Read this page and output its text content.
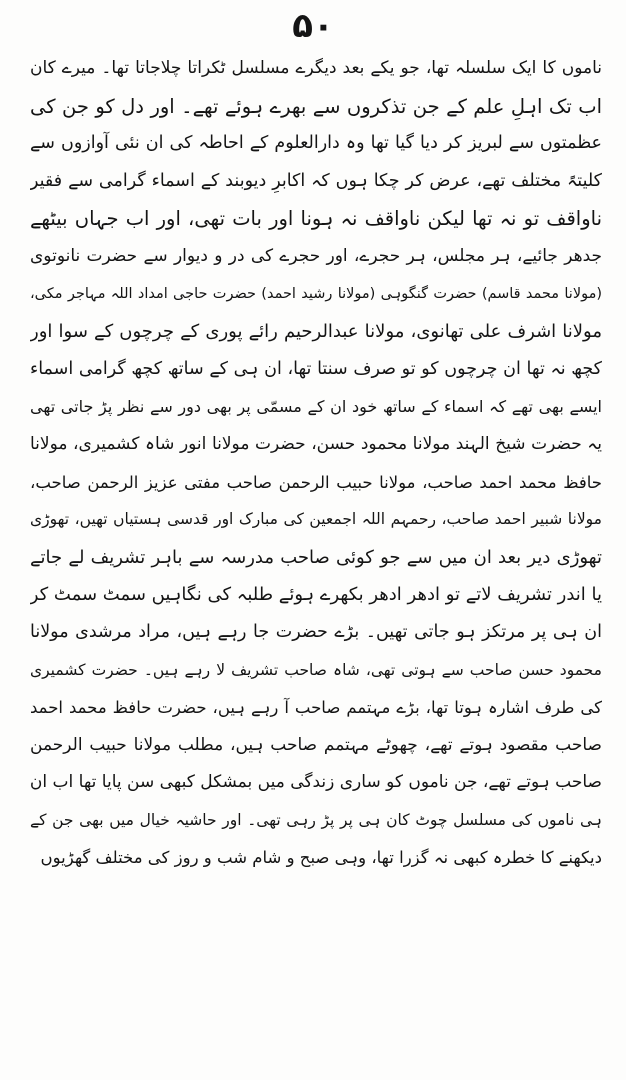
۵۰
ناموں کا ایک سلسلہ تھا، جو یکے بعد دیگرے مسلسل ٹکراتا چلاجاتا تھا۔ میرے کان
اب تک اہلِ علم کے جن تذکروں سے بھرے ہوئے تھے۔ اور دل کو جن کی
عظمتوں سے لبریز کر دیا گیا تھا وہ دارالعلوم کے احاطہ کی ان نئی آوازوں سے
کلیتہً مختلف تھے، عرض کر چکا ہوں کہ اکابرِ دیوبند کے اسماء گرامی سے فقیر
ناواقف تو نہ تھا لیکن ناواقف نہ ہونا اور بات تھی، اور اب جہاں بیٹھے
جدھر جائیے، ہر مجلس، ہر حجرے، اور حجرے کی در و دیوار سے حضرت نانوتوی
(مولانا محمد قاسم) حضرت گنگوہی (مولانا رشید احمد) حضرت حاجی امداد اللہ مہاجر مکی،
مولانا اشرف علی تھانوی، مولانا عبدالرحیم رائے پوری کے چرچوں کے سوا اور
کچھ نہ تھا ان چرچوں کو تو صرف سنتا تھا، ان ہی کے ساتھ کچھ گرامی اسماء
ایسے بھی تھے کہ اسماء کے ساتھ خود ان کے مسمّی پر بھی دور سے نظر پڑ جاتی تھی
یہ حضرت شیخ الہند مولانا محمود حسن، حضرت مولانا انور شاہ کشمیری، مولانا
حافظ محمد احمد صاحب، مولانا حبیب الرحمن صاحب مفتی عزیز الرحمن صاحب،
مولانا شبیر احمد صاحب، رحمہم اللہ اجمعین کی مبارک اور قدسی ہستیاں تھیں، تھوڑی
تھوڑی دیر بعد ان میں سے جو کوئی صاحب مدرسہ سے باہر تشریف لے جاتے
یا اندر تشریف لاتے تو ادھر ادھر بکھرے ہوئے طلبہ کی نگاہیں سمٹ سمٹ کر
ان ہی پر مرتکز ہو جاتی تھیں۔ بڑے حضرت جا رہے ہیں، مراد مرشدی مولانا
محمود حسن صاحب سے ہوتی تھی، شاہ صاحب تشریف لا رہے ہیں۔ حضرت کشمیری
کی طرف اشارہ ہوتا تھا، بڑے مہتمم صاحب آ رہے ہیں، حضرت حافظ محمد احمد
صاحب مقصود ہوتے تھے، چھوٹے مہتمم صاحب ہیں، مطلب مولانا حبیب الرحمن
صاحب ہوتے تھے، جن ناموں کو ساری زندگی میں بمشکل کبھی سن پایا تھا اب ان
ہی ناموں کی مسلسل چوٹ کان ہی پر پڑ رہی تھی۔ اور حاشیہ خیال میں بھی جن کے
دیکھنے کا خطرہ کبھی نہ گزرا تھا، وہی صبح و شام شب و روز کی مختلف گھڑیوں
